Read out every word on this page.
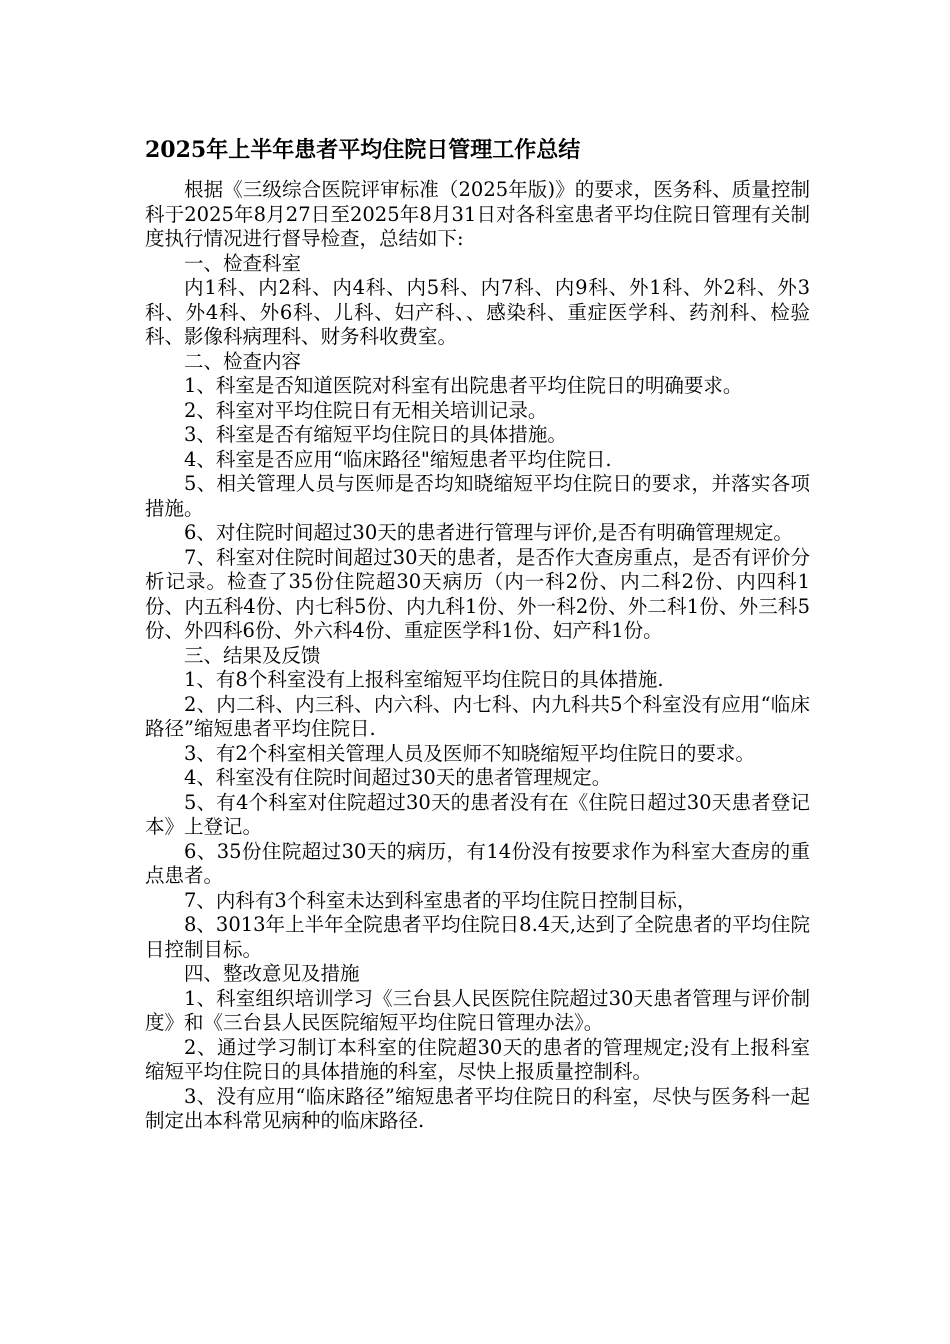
2025年上半年患者平均住院日管理工作总结

根据《三级综合医院评审标准（2025年版)》的要求，医务科、质量控制科于2025年8月27日至2025年8月31日对各科室患者平均住院日管理有关制度执行情况进行督导检查，总结如下:

一、检查科室

内1科、内2科、内4科、内5科、内7科、内9科、外1科、外2科、外3科、外4科、外6科、儿科、妇产科、、感染科、重症医学科、药剂科、检验科、影像科病理科、财务科收费室。

二、检查内容

1、科室是否知道医院对科室有出院患者平均住院日的明确要求。

2、科室对平均住院日有无相关培训记录。

3、科室是否有缩短平均住院日的具体措施。

4、科室是否应用“临床路径"缩短患者平均住院日.

5、相关管理人员与医师是否均知晓缩短平均住院日的要求，并落实各项措施。

6、对住院时间超过30天的患者进行管理与评价,是否有明确管理规定。

7、科室对住院时间超过30天的患者，是否作大查房重点，是否有评价分析记录。检查了35份住院超30天病历（内一科2份、内二科2份、内四科1份、内五科4份、内七科5份、内九科1份、外一科2份、外二科1份、外三科5份、外四科6份、外六科4份、重症医学科1份、妇产科1份。

三、结果及反馈

1、有8个科室没有上报科室缩短平均住院日的具体措施.

2、内二科、内三科、内六科、内七科、内九科共5个科室没有应用“临床路径”缩短患者平均住院日.

3、有2个科室相关管理人员及医师不知晓缩短平均住院日的要求。

4、科室没有住院时间超过30天的患者管理规定。

5、有4个科室对住院超过30天的患者没有在《住院日超过30天患者登记本》上登记。

6、35份住院超过30天的病历，有14份没有按要求作为科室大查房的重点患者。

7、内科有3个科室未达到科室患者的平均住院日控制目标，

8、3013年上半年全院患者平均住院日8.4天,达到了全院患者的平均住院日控制目标。

四、整改意见及措施

1、科室组织培训学习《三台县人民医院住院超过30天患者管理与评价制度》和《三台县人民医院缩短平均住院日管理办法》。

2、通过学习制订本科室的住院超30天的患者的管理规定;没有上报科室缩短平均住院日的具体措施的科室，尽快上报质量控制科。

3、没有应用“临床路径”缩短患者平均住院日的科室，尽快与医务科一起制定出本科常见病种的临床路径.
